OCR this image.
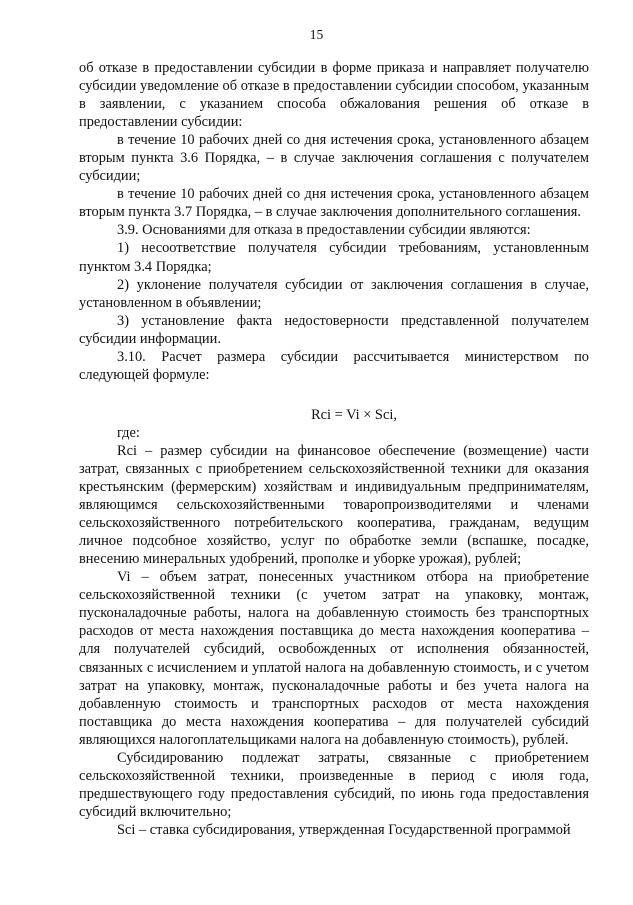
15

об отказе в предоставлении субсидии в форме приказа и направляет получателю субсидии уведомление об отказе в предоставлении субсидии способом, указанным в заявлении, с указанием способа обжалования решения об отказе в предоставлении субсидии:

в течение 10 рабочих дней со дня истечения срока, установленного абзацем вторым пункта 3.6 Порядка, – в случае заключения соглашения с получателем субсидии;

в течение 10 рабочих дней со дня истечения срока, установленного абзацем вторым пункта 3.7 Порядка, – в случае заключения дополнительного соглашения.

3.9. Основаниями для отказа в предоставлении субсидии являются:

1) несоответствие получателя субсидии требованиям, установленным пунктом 3.4 Порядка;

2) уклонение получателя субсидии от заключения соглашения в случае, установленном в объявлении;

3) установление факта недостоверности представленной получателем субсидии информации.

3.10. Расчет размера субсидии рассчитывается министерством по следующей формуле:

Rci = Vi × Sci,

где:

Rci – размер субсидии на финансовое обеспечение (возмещение) части затрат, связанных с приобретением сельскохозяйственной техники для оказания крестьянским (фермерским) хозяйствам и индивидуальным предпринимателям, являющимся сельскохозяйственными товаропроизводителями и членами сельскохозяйственного потребительского кооператива, гражданам, ведущим личное подсобное хозяйство, услуг по обработке земли (вспашке, посадке, внесению минеральных удобрений, прополке и уборке урожая), рублей;

Vi – объем затрат, понесенных участником отбора на приобретение сельскохозяйственной техники (с учетом затрат на упаковку, монтаж, пусконаладочные работы, налога на добавленную стоимость без транспортных расходов от места нахождения поставщика до места нахождения кооператива – для получателей субсидий, освобожденных от исполнения обязанностей, связанных с исчислением и уплатой налога на добавленную стоимость, и с учетом затрат на упаковку, монтаж, пусконаладочные работы и без учета налога на добавленную стоимость и транспортных расходов от места нахождения поставщика до места нахождения кооператива – для получателей субсидий являющихся налогоплательщиками налога на добавленную стоимость), рублей.

Субсидированию подлежат затраты, связанные с приобретением сельскохозяйственной техники, произведенные в период с июля года, предшествующего году предоставления субсидий, по июнь года предоставления субсидий включительно;

Sci – ставка субсидирования, утвержденная Государственной программой
